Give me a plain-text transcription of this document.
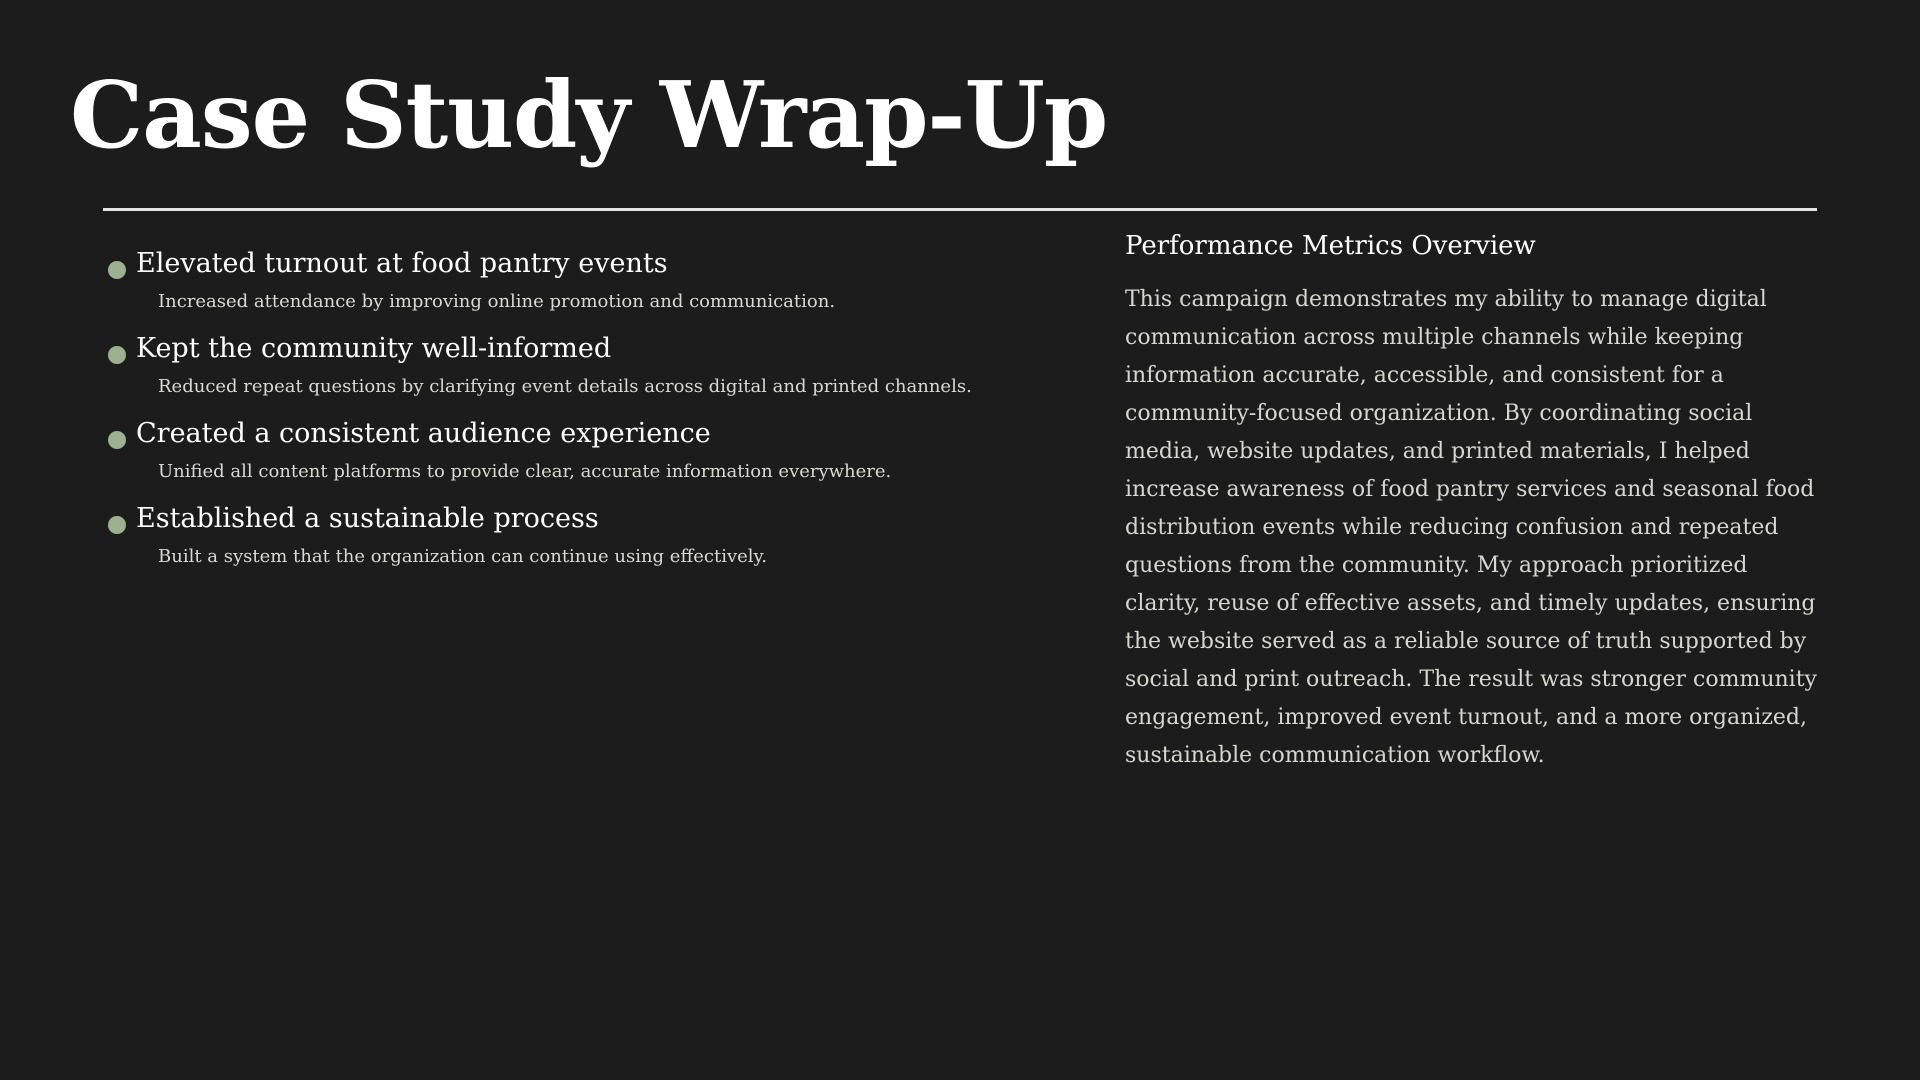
Case Study Wrap-Up
Elevated turnout at food pantry events
Increased attendance by improving online promotion and communication.
Kept the community well-informed
Reduced repeat questions by clarifying event details across digital and printed channels.
Created a consistent audience experience
Unified all content platforms to provide clear, accurate information everywhere.
Established a sustainable process
Built a system that the organization can continue using effectively.
Performance Metrics Overview

This campaign demonstrates my ability to manage digital communication across multiple channels while keeping information accurate, accessible, and consistent for a community-focused organization. By coordinating social media, website updates, and printed materials, I helped increase awareness of food pantry services and seasonal food distribution events while reducing confusion and repeated questions from the community. My approach prioritized clarity, reuse of effective assets, and timely updates, ensuring the website served as a reliable source of truth supported by social and print outreach. The result was stronger community engagement, improved event turnout, and a more organized, sustainable communication workflow.
